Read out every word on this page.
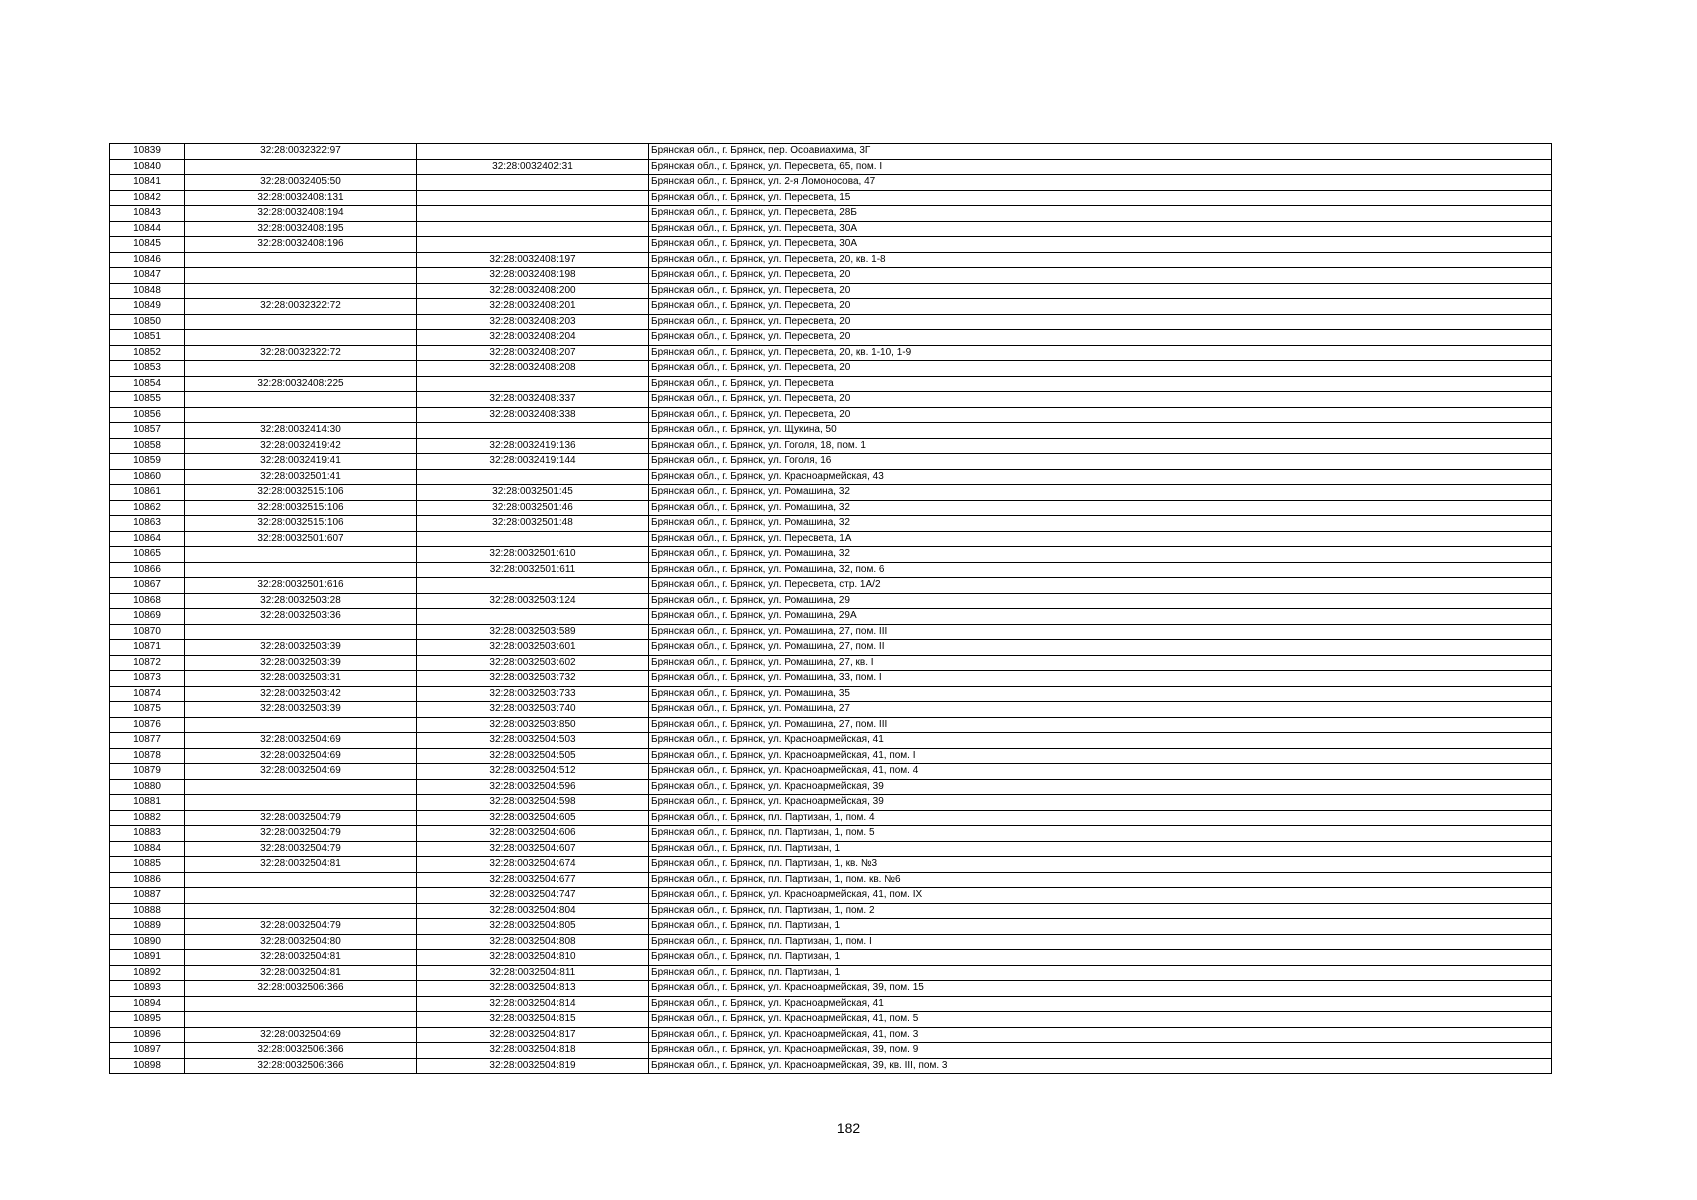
10839	32:28:0032322:97		Брянская обл., г. Брянск, пер. Осоавиахима, 3Г
10840		32:28:0032402:31	Брянская обл., г. Брянск, ул. Пересвета, 65, пом. I
10841	32:28:0032405:50		Брянская обл., г. Брянск, ул. 2-я Ломоносова, 47
10842	32:28:0032408:131		Брянская обл., г. Брянск, ул. Пересвета, 15
10843	32:28:0032408:194		Брянская обл., г. Брянск, ул. Пересвета, 28Б
10844	32:28:0032408:195		Брянская обл., г. Брянск, ул. Пересвета, 30А
10845	32:28:0032408:196		Брянская обл., г. Брянск, ул. Пересвета, 30А
10846		32:28:0032408:197	Брянская обл., г. Брянск, ул. Пересвета, 20, кв. 1-8
10847		32:28:0032408:198	Брянская обл., г. Брянск, ул. Пересвета, 20
10848		32:28:0032408:200	Брянская обл., г. Брянск, ул. Пересвета, 20
10849	32:28:0032322:72	32:28:0032408:201	Брянская обл., г. Брянск, ул. Пересвета, 20
10850		32:28:0032408:203	Брянская обл., г. Брянск, ул. Пересвета, 20
10851		32:28:0032408:204	Брянская обл., г. Брянск, ул. Пересвета, 20
10852	32:28:0032322:72	32:28:0032408:207	Брянская обл., г. Брянск, ул. Пересвета, 20, кв. 1-10, 1-9
10853		32:28:0032408:208	Брянская обл., г. Брянск, ул. Пересвета, 20
10854	32:28:0032408:225		Брянская обл., г. Брянск, ул. Пересвета
10855		32:28:0032408:337	Брянская обл., г. Брянск, ул. Пересвета, 20
10856		32:28:0032408:338	Брянская обл., г. Брянск, ул. Пересвета, 20
10857	32:28:0032414:30		Брянская обл., г. Брянск, ул. Щукина, 50
10858	32:28:0032419:42	32:28:0032419:136	Брянская обл., г. Брянск, ул. Гоголя, 18, пом. 1
10859	32:28:0032419:41	32:28:0032419:144	Брянская обл., г. Брянск, ул. Гоголя, 16
10860	32:28:0032501:41		Брянская обл., г. Брянск, ул. Красноармейская, 43
10861	32:28:0032515:106	32:28:0032501:45	Брянская обл., г. Брянск, ул. Ромашина, 32
10862	32:28:0032515:106	32:28:0032501:46	Брянская обл., г. Брянск, ул. Ромашина, 32
10863	32:28:0032515:106	32:28:0032501:48	Брянская обл., г. Брянск, ул. Ромашина, 32
10864	32:28:0032501:607		Брянская обл., г. Брянск, ул. Пересвета, 1А
10865		32:28:0032501:610	Брянская обл., г. Брянск, ул. Ромашина, 32
10866		32:28:0032501:611	Брянская обл., г. Брянск, ул. Ромашина, 32, пом. 6
10867	32:28:0032501:616		Брянская обл., г. Брянск, ул. Пересвета, стр. 1А/2
10868	32:28:0032503:28	32:28:0032503:124	Брянская обл., г. Брянск, ул. Ромашина, 29
10869	32:28:0032503:36		Брянская обл., г. Брянск, ул. Ромашина, 29А
10870		32:28:0032503:589	Брянская обл., г. Брянск, ул. Ромашина, 27, пом. III
10871	32:28:0032503:39	32:28:0032503:601	Брянская обл., г. Брянск, ул. Ромашина, 27, пом. II
10872	32:28:0032503:39	32:28:0032503:602	Брянская обл., г. Брянск, ул. Ромашина, 27, кв. I
10873	32:28:0032503:31	32:28:0032503:732	Брянская обл., г. Брянск, ул. Ромашина, 33, пом. I
10874	32:28:0032503:42	32:28:0032503:733	Брянская обл., г. Брянск, ул. Ромашина, 35
10875	32:28:0032503:39	32:28:0032503:740	Брянская обл., г. Брянск, ул. Ромашина, 27
10876		32:28:0032503:850	Брянская обл., г. Брянск, ул. Ромашина, 27, пом. III
10877	32:28:0032504:69	32:28:0032504:503	Брянская обл., г. Брянск, ул. Красноармейская, 41
10878	32:28:0032504:69	32:28:0032504:505	Брянская обл., г. Брянск, ул. Красноармейская, 41, пом. I
10879	32:28:0032504:69	32:28:0032504:512	Брянская обл., г. Брянск, ул. Красноармейская, 41, пом. 4
10880		32:28:0032504:596	Брянская обл., г. Брянск, ул. Красноармейская, 39
10881		32:28:0032504:598	Брянская обл., г. Брянск, ул. Красноармейская, 39
10882	32:28:0032504:79	32:28:0032504:605	Брянская обл., г. Брянск, пл. Партизан, 1, пом. 4
10883	32:28:0032504:79	32:28:0032504:606	Брянская обл., г. Брянск, пл. Партизан, 1, пом. 5
10884	32:28:0032504:79	32:28:0032504:607	Брянская обл., г. Брянск, пл. Партизан, 1
10885	32:28:0032504:81	32:28:0032504:674	Брянская обл., г. Брянск, пл. Партизан, 1, кв. №3
10886		32:28:0032504:677	Брянская обл., г. Брянск, пл. Партизан, 1, пом. кв. №6
10887		32:28:0032504:747	Брянская обл., г. Брянск, ул. Красноармейская, 41, пом. IX
10888		32:28:0032504:804	Брянская обл., г. Брянск, пл. Партизан, 1, пом. 2
10889	32:28:0032504:79	32:28:0032504:805	Брянская обл., г. Брянск, пл. Партизан, 1
10890	32:28:0032504:80	32:28:0032504:808	Брянская обл., г. Брянск, пл. Партизан, 1, пом. I
10891	32:28:0032504:81	32:28:0032504:810	Брянская обл., г. Брянск, пл. Партизан, 1
10892	32:28:0032504:81	32:28:0032504:811	Брянская обл., г. Брянск, пл. Партизан, 1
10893	32:28:0032506:366	32:28:0032504:813	Брянская обл., г. Брянск, ул. Красноармейская, 39, пом. 15
10894		32:28:0032504:814	Брянская обл., г. Брянск, ул. Красноармейская, 41
10895		32:28:0032504:815	Брянская обл., г. Брянск, ул. Красноармейская, 41, пом. 5
10896	32:28:0032504:69	32:28:0032504:817	Брянская обл., г. Брянск, ул. Красноармейская, 41, пом. 3
10897	32:28:0032506:366	32:28:0032504:818	Брянская обл., г. Брянск, ул. Красноармейская, 39, пом. 9
10898	32:28:0032506:366	32:28:0032504:819	Брянская обл., г. Брянск, ул. Красноармейская, 39, кв. III, пом. 3
182
